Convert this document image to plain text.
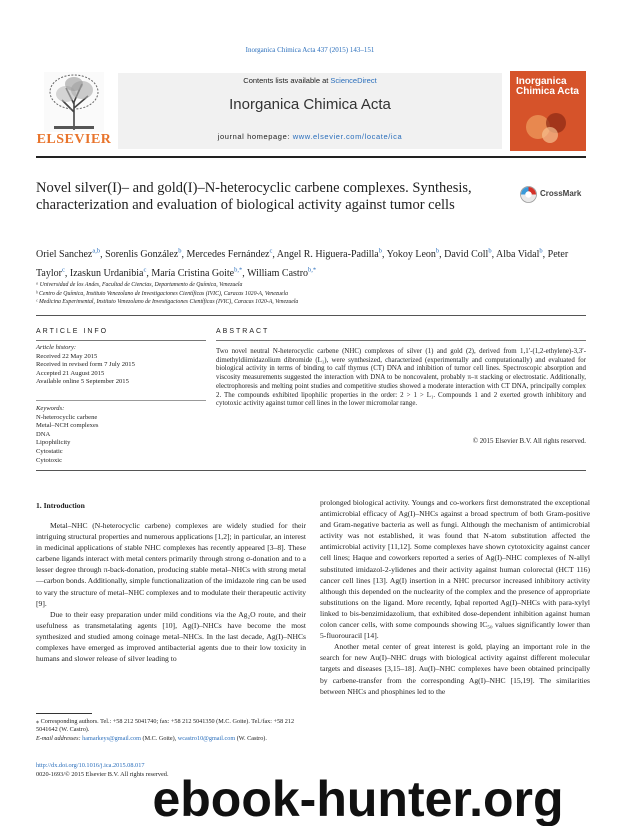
Inorganica Chimica Acta 437 (2015) 143–151
ELSEVIER
Contents lists available at ScienceDirect
Inorganica Chimica Acta
journal homepage: www.elsevier.com/locate/ica
Inorganica Chimica Acta
Novel silver(I)– and gold(I)–N-heterocyclic carbene complexes. Synthesis, characterization and evaluation of biological activity against tumor cells
CrossMark
Oriel Sanchez$^{a,b}$, Sorenlis González$^b$, Mercedes Fernández$^c$, Angel R. Higuera-Padilla$^b$, Yokoy Leon$^b$, David Coll$^b$, Alba Vidal$^b$, Peter Taylor$^c$, Izaskun Urdanibia$^c$, María Cristina Goite$^{b,*}$, William Castro$^{b,*}$
ᵃ Universidad de los Andes, Facultad de Ciencias, Departamento de Química, Venezuela
ᵇ Centro de Química, Instituto Venezolano de Investigaciones Científicas (IVIC), Caracas 1020-A, Venezuela
ᶜ Medicina Experimental, Instituto Venezolano de Investigaciones Científicas (IVIC), Caracas 1020-A, Venezuela
ARTICLE INFO	ABSTRACT
Article history:
Received 22 May 2015
Received in revised form 7 July 2015
Accepted 21 August 2015
Available online 5 September 2015
Keywords:
N-heterocyclic carbene
Metal–NCH complexes
DNA
Lipophilicity
Cytostatic
Cytotoxic
Two novel neutral N-heterocyclic carbene (NHC) complexes of silver (1) and gold (2), derived from 1,1′-(1,2-ethylene)-3,3′-dimethyldiimidazolium dibromide (L₁), were synthesized, characterized (experimentally and computationally) and evaluated for biological activity in terms of binding to calf thymus (CT) DNA and inhibition of tumor cell lines. Spectroscopic absorption and viscosity measurements suggested the interaction with DNA to be noncovalent, probably π–π stacking or electrostatic. Additionally, electrophoresis and melting point studies and competitive studies showed a moderate interaction with CT DNA, principally complex 2. The compounds exhibited lipophilic properties in the order: 2 > 1 > L₁. Compounds 1 and 2 exerted growth inhibitory and cytotoxic activity against tumor cell lines in the lower micromolar range.
© 2015 Elsevier B.V. All rights reserved.
1. Introduction

Metal–NHC (N-heterocyclic carbene) complexes are widely studied for their intriguing structural properties and numerous applications [1,2]; in particular, an interest in medicinal applications of stable NHC complexes has recently appeared [3–8]. These carbene ligands interact with metal centers primarily through strong σ-donation and to a lesser degree through π-back-donation, producing stable metal–NHCs with strong metal—carbon bonds. Additionally, simple functionalization of the imidazole ring can be used to vary the structure of metal–NHC complexes and to modulate their therapeutic activity [9].

Due to their easy preparation under mild conditions via the Ag₂O route, and their usefulness as transmetalating agents [10], Ag(I)–NHCs have become the most synthesized and studied among coinage metal–NHCs. In the last decade, Ag(I)–NHCs complexes have emerged as improved antibacterial agents due to their low toxicity in humans and slower release of silver leading to

prolonged biological activity. Youngs and co-workers first demonstrated the exceptional antimicrobial efficacy of Ag(I)–NHCs against a broad spectrum of both Gram-positive and Gram-negative bacteria as well as fungi. Although the mechanism of antimicrobial activity was not established, it was found that N-atom substitution affected the antimicrobial activity [11,12]. Some complexes have shown cytotoxicity against cancer cell lines; Haque and coworkers reported a series of Ag(I)–NHC complexes of N-allyl substituted imidazol-2-ylidenes and their activity against human colorectal (HCT 116) cancer cell lines [13]. Ag(I) insertion in a NHC precursor increased inhibitory activity although this depended on the nuclearity of the complex and the presence of appropriate substitutions on the ligand. More recently, Iqbal reported Ag(I)–NHCs with para-xylyl linked to bis-benzimidazolium, that exhibited dose-dependent inhibition against human colon cancer cells, with some compounds showing IC₅₀ values significantly lower than 5-fluorouracil [14].

Another metal center of great interest is gold, playing an important role in the search for new Au(I)–NHC drugs with biological activity against different molecular targets and diseases [3,15–18]. Au(I)–NHC complexes have been obtained principally by carbene-transfer from the corresponding Ag(I)–NHC [15,19]. The similarities between NHCs and phosphines led to the

⁎ Corresponding authors. Tel.: +58 212 5041740; fax: +58 212 5041350 (M.C. Goite). Tel./fax: +58 212 5041642 (W. Castro).
E-mail addresses: hamarkeys@gmail.com (M.C. Goite), wcastro10@gmail.com (W. Castro).
http://dx.doi.org/10.1016/j.ica.2015.08.017
0020-1693/© 2015 Elsevier B.V. All rights reserved.
ebook-hunter.org
